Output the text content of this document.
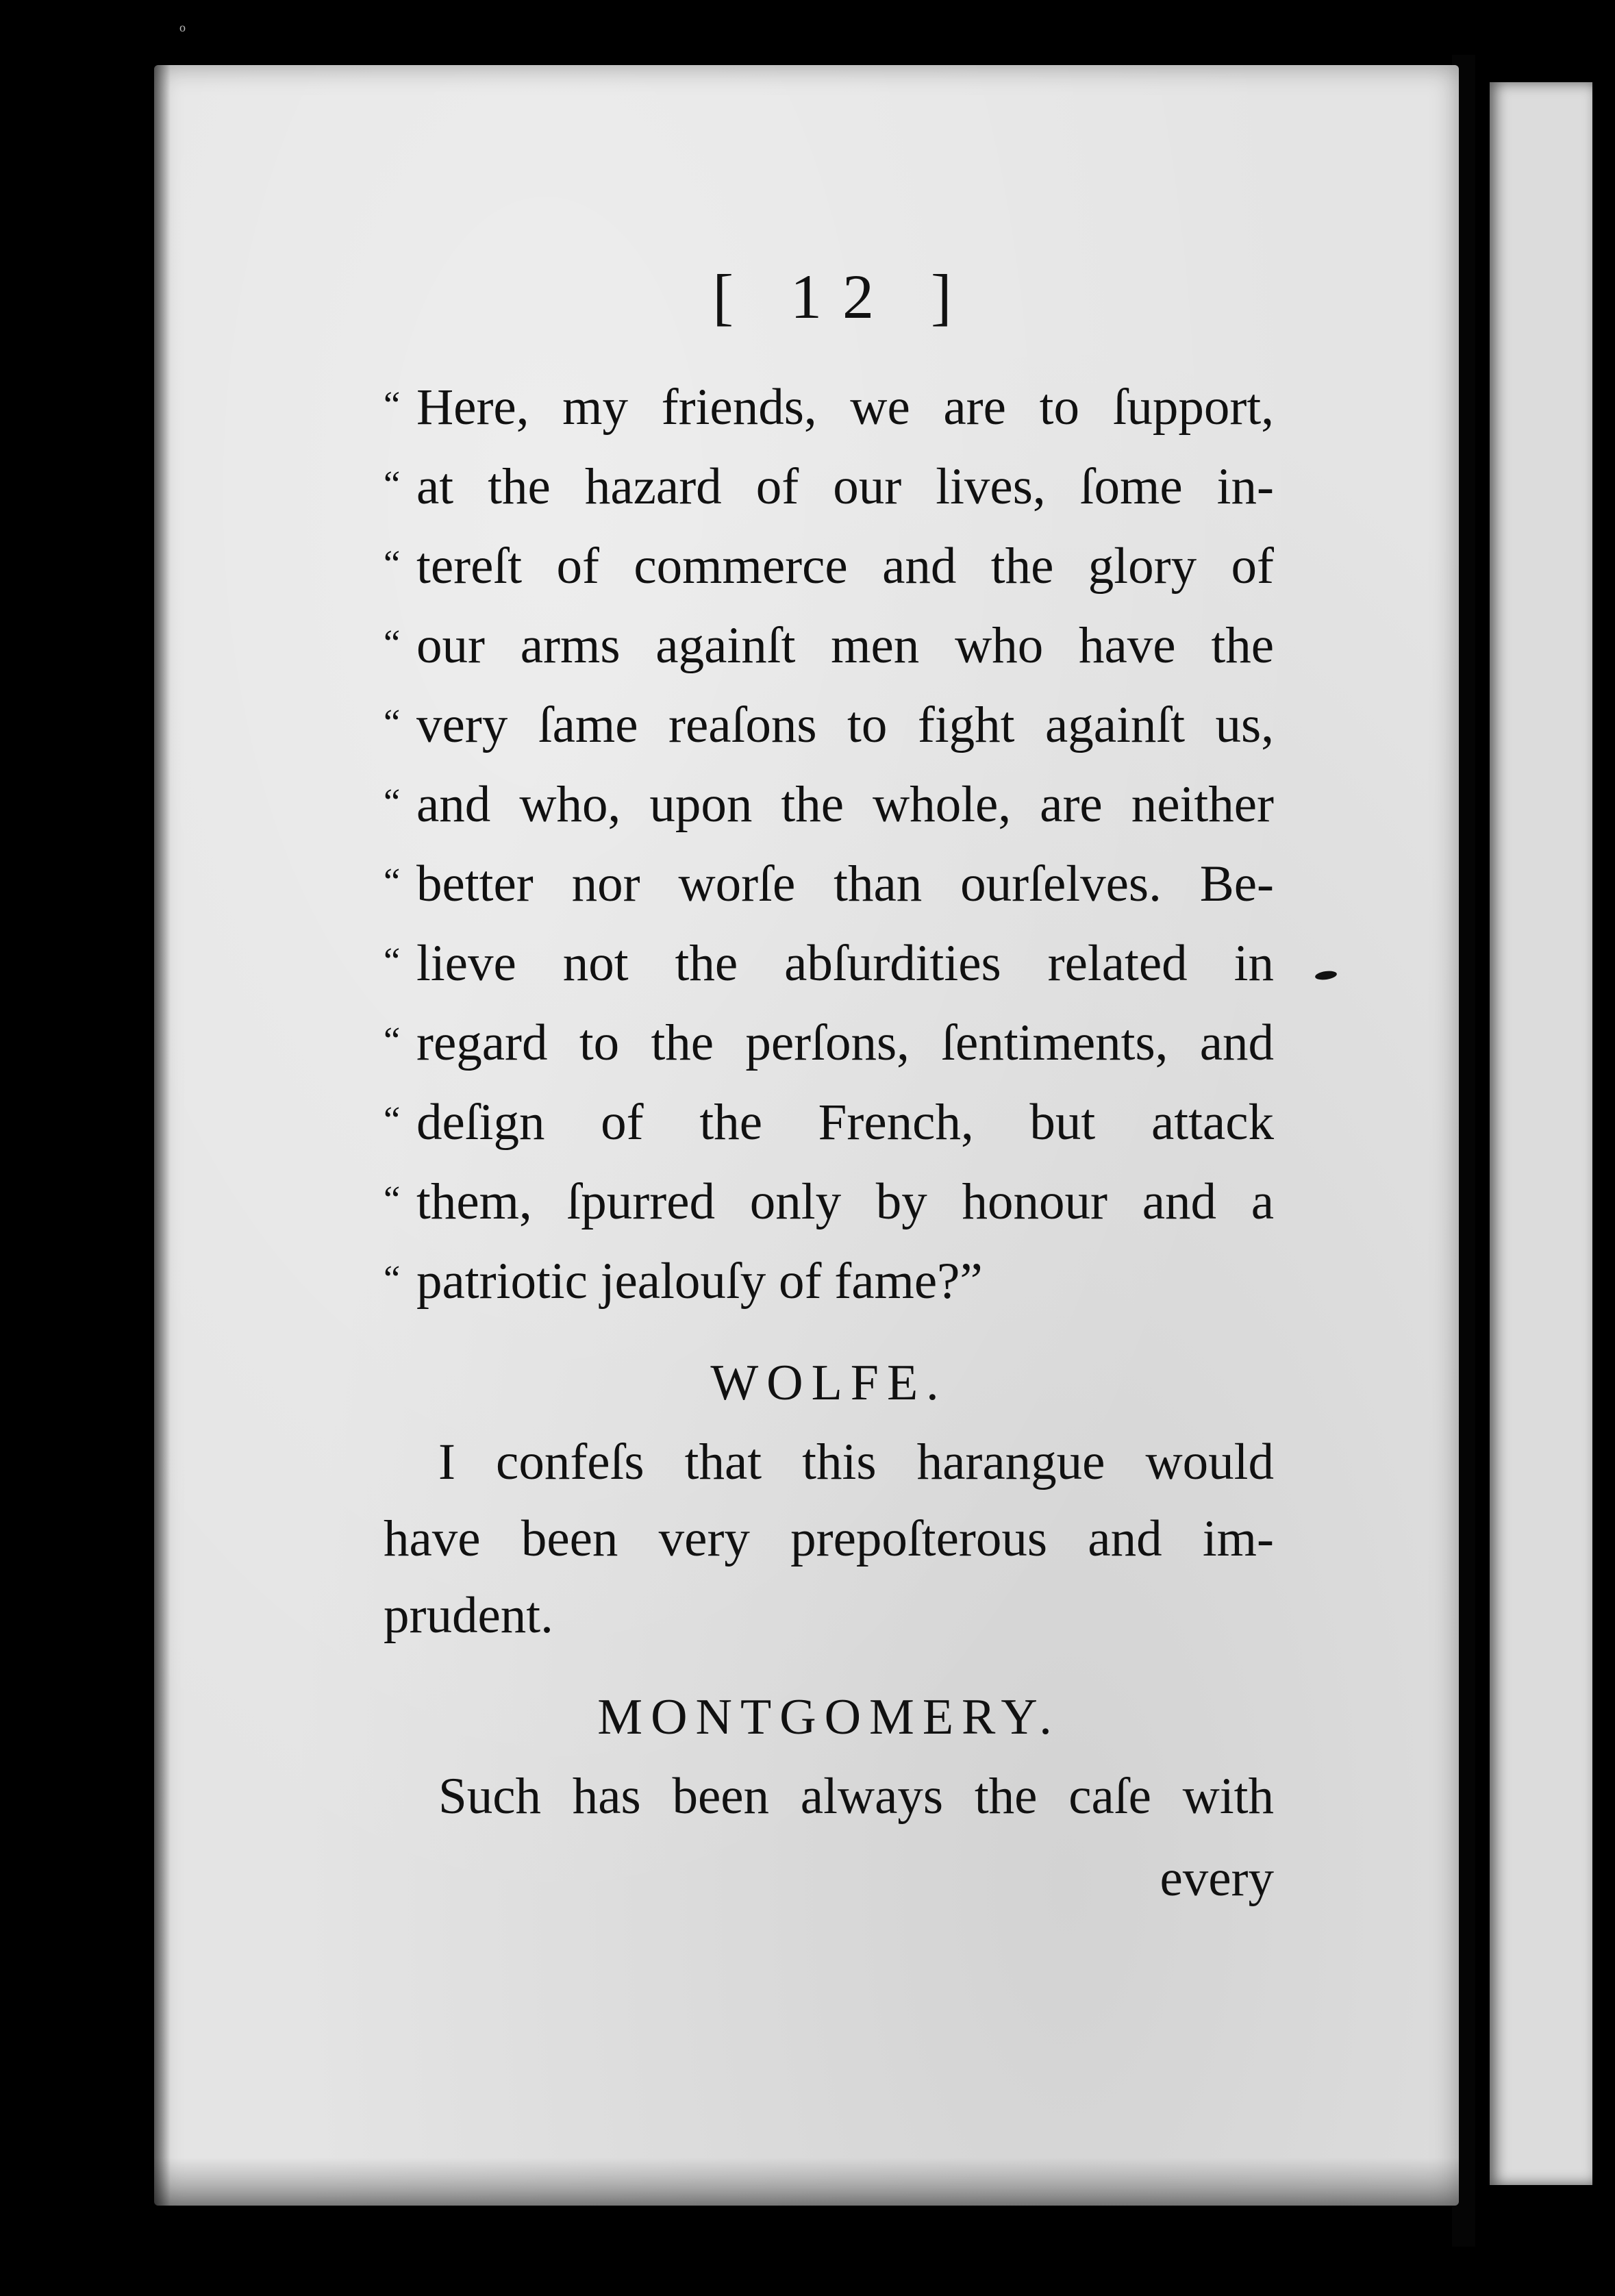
o
[ 12 ]
“ Here, my friends, we are to ſupport,
“ at the hazard of our lives, ſome in-
“ tereſt of commerce and the glory of
“ our arms againſt men who have the
“ very ſame reaſons to fight againſt us,
“ and who, upon the whole, are neither
“ better nor worſe than ourſelves. Be-
“ lieve not the abſurdities related in
“ regard to the perſons, ſentiments, and
“ deſign of the French, but attack
“ them, ſpurred only by honour and a
“ patriotic jealouſy of fame?”
WOLFE.
I confeſs that this harangue would
have been very prepoſterous and im-
prudent.
MONTGOMERY.
Such has been always the caſe with
every
